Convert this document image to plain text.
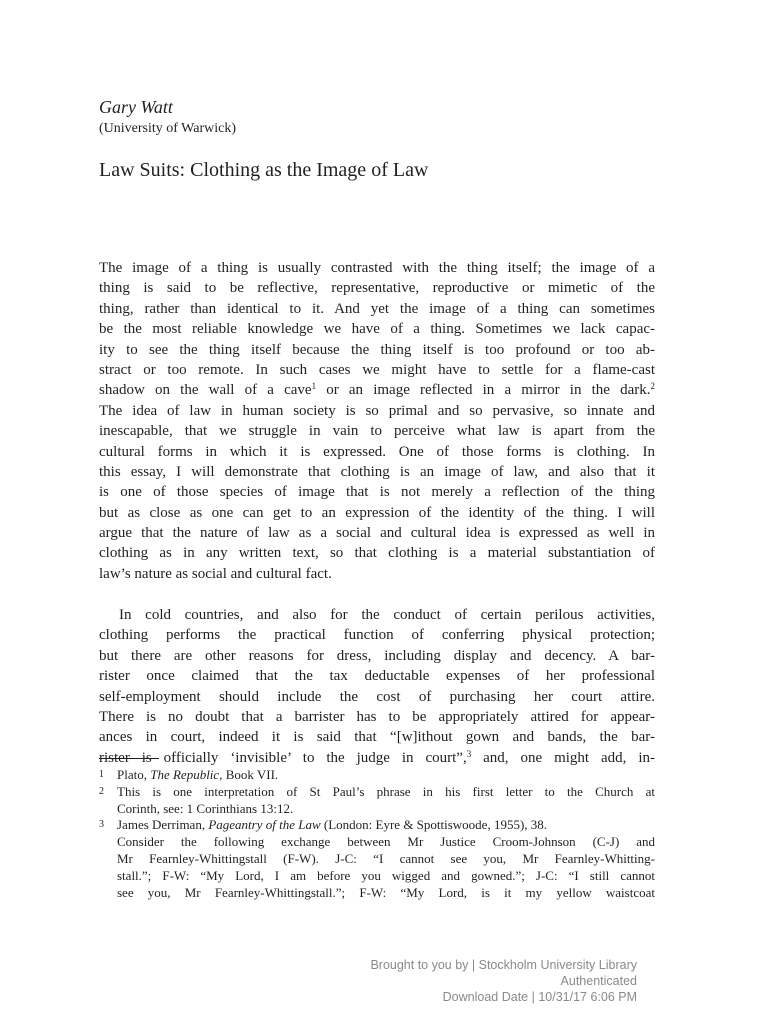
Gary Watt
(University of Warwick)
Law Suits: Clothing as the Image of Law
The image of a thing is usually contrasted with the thing itself; the image of a
thing is said to be reflective, representative, reproductive or mimetic of the
thing, rather than identical to it. And yet the image of a thing can sometimes
be the most reliable knowledge we have of a thing. Sometimes we lack capac-
ity to see the thing itself because the thing itself is too profound or too ab-
stract or too remote. In such cases we might have to settle for a flame-cast
shadow on the wall of a cave$^1$ or an image reflected in a mirror in the dark.$^2$
The idea of law in human society is so primal and so pervasive, so innate and
inescapable, that we struggle in vain to perceive what law is apart from the
cultural forms in which it is expressed. One of those forms is clothing. In
this essay, I will demonstrate that clothing is an image of law, and also that it
is one of those species of image that is not merely a reflection of the thing
but as close as one can get to an expression of the identity of the thing. I will
argue that the nature of law as a social and cultural idea is expressed as well in
clothing as in any written text, so that clothing is a material substantiation of
law’s nature as social and cultural fact.
In cold countries, and also for the conduct of certain perilous activities,
clothing performs the practical function of conferring physical protection;
but there are other reasons for dress, including display and decency. A bar-
rister once claimed that the tax deductable expenses of her professional
self-employment should include the cost of purchasing her court attire.
There is no doubt that a barrister has to be appropriately attired for appear-
ances in court, indeed it is said that “[w]ithout gown and bands, the bar-
rister is officially ‘invisible’ to the judge in court”,$^3$ and, one might add, in-
1 Plato, The Republic, Book VII.
2 This is one interpretation of St Paul’s phrase in his first letter to the Church at
Corinth, see: 1 Corinthians 13:12.
3 James Derriman, Pageantry of the Law (London: Eyre & Spottiswoode, 1955), 38.
Consider the following exchange between Mr Justice Croom-Johnson (C-J) and
Mr Fearnley-Whittingstall (F-W). J-C: “I cannot see you, Mr Fearnley-Whitting-
stall.”; F-W: “My Lord, I am before you wigged and gowned.”; J-C: “I still cannot
see you, Mr Fearnley-Whittingstall.”; F-W: “My Lord, is it my yellow waistcoat
Brought to you by | Stockholm University Library
Authenticated
Download Date | 10/31/17 6:06 PM
